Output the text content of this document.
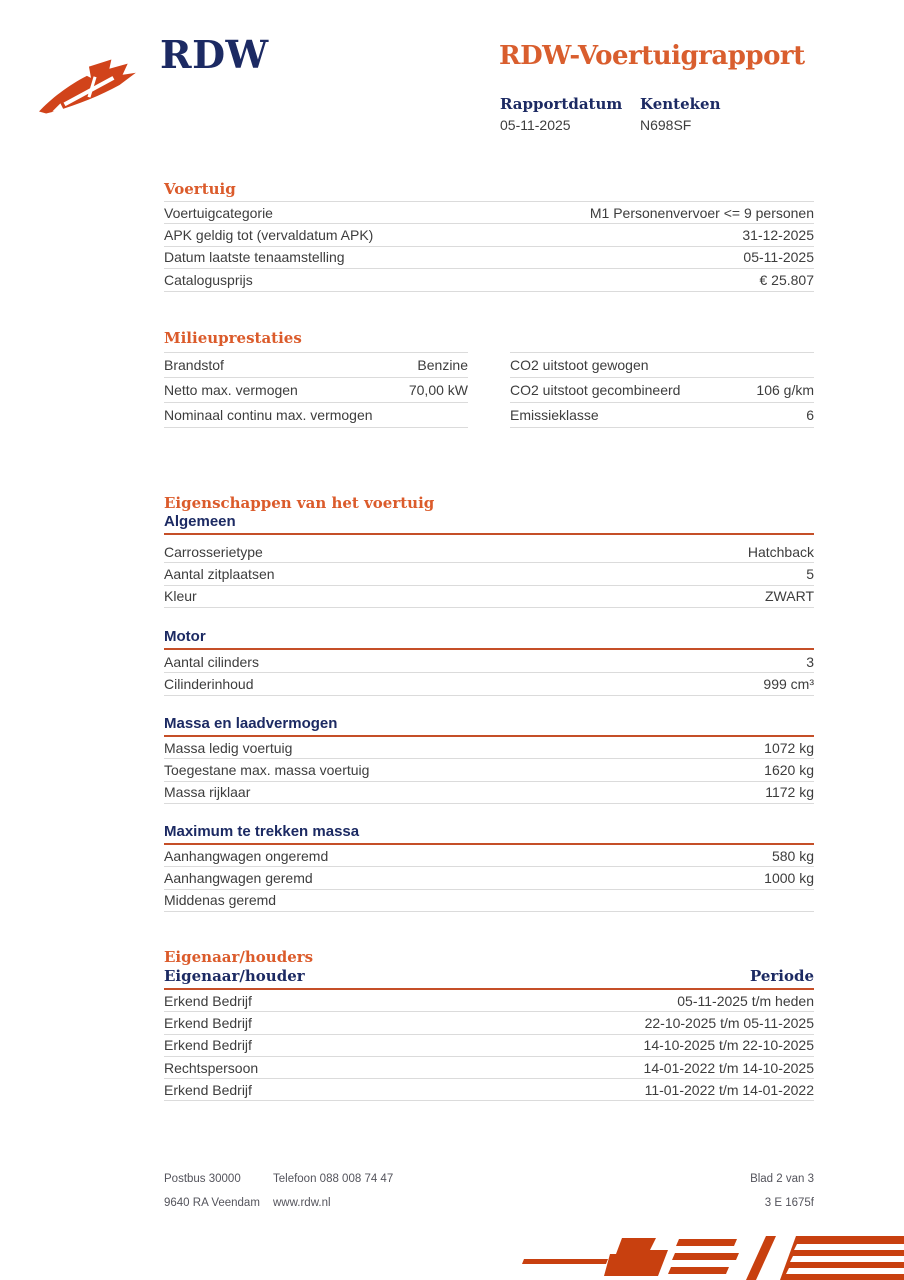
RDW	RDW-Voertuigrapport
Rapportdatum
05-11-2025
Kenteken
N698SF
Voertuig
Voertuigcategorie	M1 Personenvervoer <= 9 personen
APK geldig tot (vervaldatum APK)	31-12-2025
Datum laatste tenaamstelling	05-11-2025
Catalogusprijs	€ 25.807
Milieuprestaties
Brandstof	Benzine
Netto max. vermogen	70,00 kW
Nominaal continu max. vermogen
CO2 uitstoot gewogen
CO2 uitstoot gecombineerd	106 g/km
Emissieklasse	6
Eigenschappen van het voertuig
Algemeen
Carrosserietype	Hatchback
Aantal zitplaatsen	5
Kleur	ZWART
Motor
Aantal cilinders	3
Cilinderinhoud	999 cm³
Massa en laadvermogen
Massa ledig voertuig	1072 kg
Toegestane max. massa voertuig	1620 kg
Massa rijklaar	1172 kg
Maximum te trekken massa
Aanhangwagen ongeremd	580 kg
Aanhangwagen geremd	1000 kg
Middenas geremd
Eigenaar/houders
Eigenaar/houder	Periode
Erkend Bedrijf	05-11-2025 t/m heden
Erkend Bedrijf	22-10-2025 t/m 05-11-2025
Erkend Bedrijf	14-10-2025 t/m 22-10-2025
Rechtspersoon	14-01-2022 t/m 14-10-2025
Erkend Bedrijf	11-01-2022 t/m 14-01-2022
Postbus 30000	Telefoon 088 008 74 47	Blad 2 van 3
9640 RA Veendam	www.rdw.nl	3 E 1675f
